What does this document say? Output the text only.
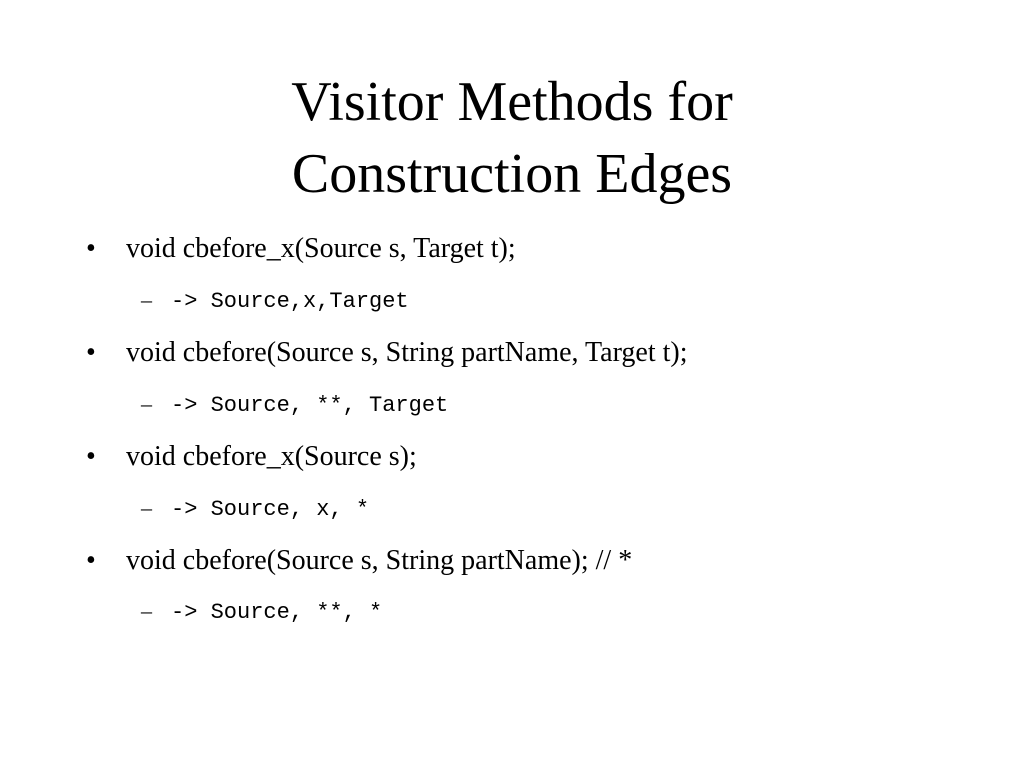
Visitor Methods for
Construction Edges
• void cbefore_x(Source s, Target t);
– -> Source,x,Target
• void cbefore(Source s, String partName, Target t);
– -> Source, **, Target
• void cbefore_x(Source s);
– -> Source, x, *
• void cbefore(Source s, String partName); // *
– -> Source, **, *
